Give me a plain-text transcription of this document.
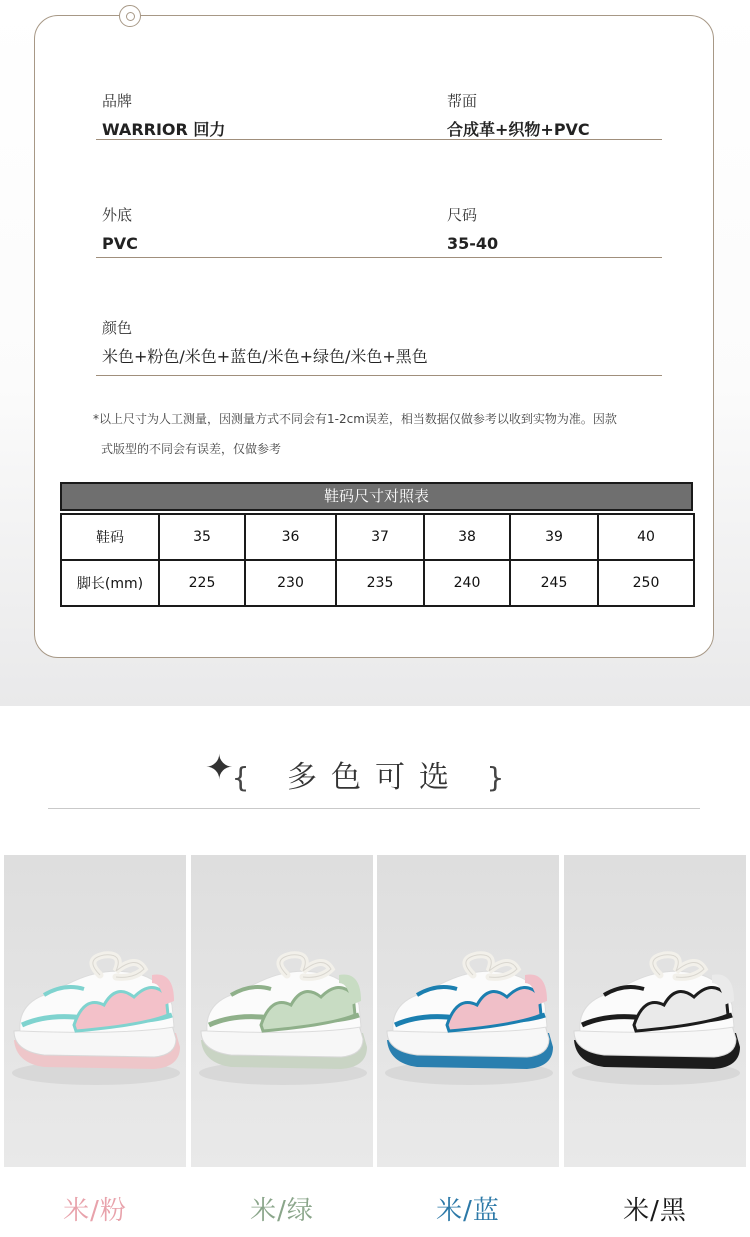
品牌
WARRIOR 回力
帮面
合成革+织物+PVC
外底
PVC
尺码
35-40
颜色
米色+粉色/米色+蓝色/米色+绿色/米色+黑色
*以上尺寸为人工测量，因测量方式不同会有1-2cm误差，相当数据仅做参考以收到实物为准。因款
式版型的不同会有误差，仅做参考
鞋码尺寸对照表
鞋码	35	36	37	38	39	40
脚长(mm)	225	230	235	240	245	250
✦
{ 多色可选 }
米/粉	米/绿	米/蓝	米/黑
